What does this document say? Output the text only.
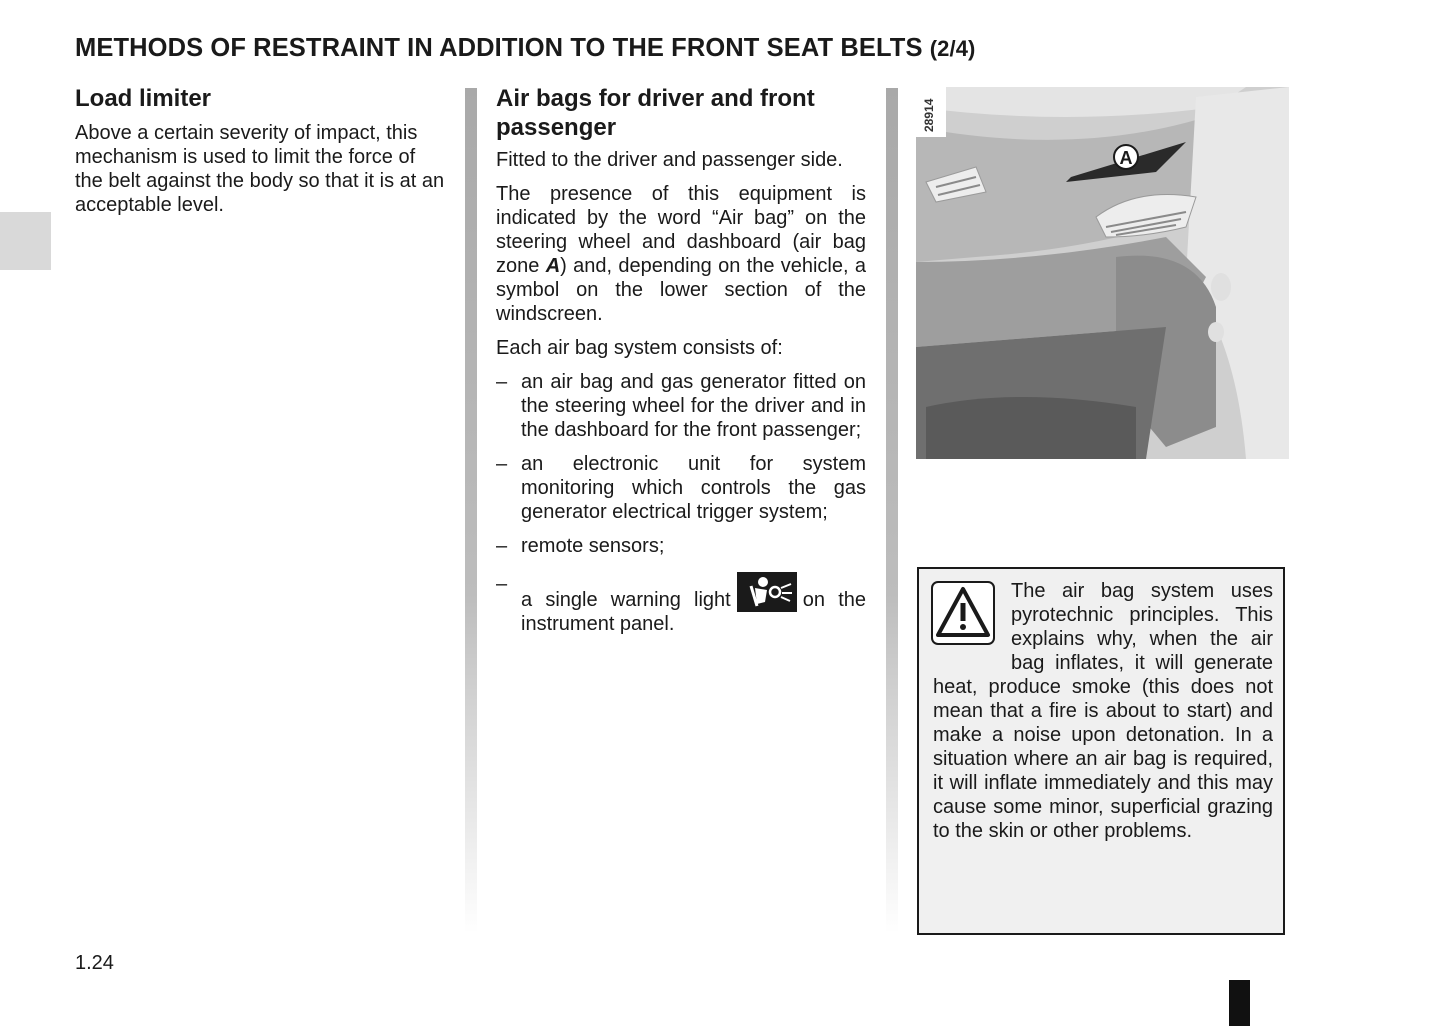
METHODS OF RESTRAINT IN ADDITION TO THE FRONT SEAT BELTS (2/4)
Load limiter

Above a certain severity of impact, this mechanism is used to limit the force of the belt against the body so that it is at an acceptable level.

Air bags for driver and front passenger

Fitted to the driver and passenger side.

The presence of this equipment is indicated by the word “Air bag” on the steering wheel and dashboard (air bag zone A) and, depending on the vehicle, a symbol on the lower section of the windscreen.

Each air bag system consists of:

– an air bag and gas generator fitted on the steering wheel for the driver and in the dashboard for the front passenger;
– an electronic unit for system monitoring which controls the gas generator electrical trigger system;
– remote sensors;
–
a single warning light	on the instrument panel.
A
28914
The air bag system uses pyrotechnic principles. This explains why, when the air bag inflates, it will generate heat, produce smoke (this does not mean that a fire is about to start) and make a noise upon detonation. In a situation where an air bag is required, it will inflate immediately and this may cause some minor, superficial grazing to the skin or other problems.
1.24
